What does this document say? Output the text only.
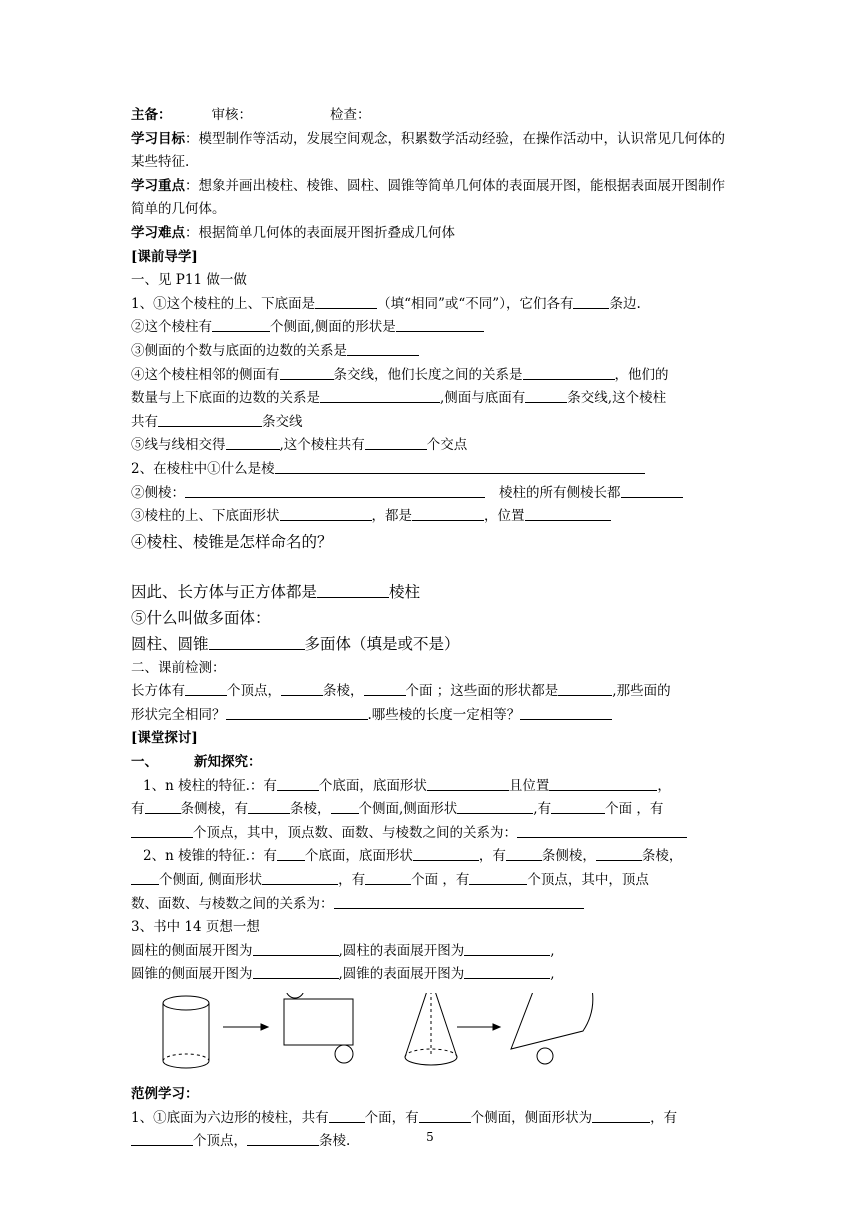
主备：	审核：	检查：
学习目标：模型制作等活动，发展空间观念，积累数学活动经验，在操作活动中，认识常见几何体的某些特征.
学习重点：想象并画出棱柱、棱锥、圆柱、圆锥等简单几何体的表面展开图，能根据表面展开图制作简单的几何体。
学习难点：根据简单几何体的表面展开图折叠成几何体
[课前导学]
一、见 P11 做一做
1、①这个棱柱的上、下底面是	（填“相同”或“不同”），它们各有	条边.
②这个棱柱有	个侧面,侧面的形状是
③侧面的个数与底面的边数的关系是
④这个棱柱相邻的侧面有	条交线，他们长度之间的关系是	，他们的
数量与上下底面的边数的关系是	,侧面与底面有	条交线,这个棱柱
共有	条交线
⑤线与线相交得	,这个棱柱共有	个交点
2、在棱柱中①什么是棱
②侧棱：	棱柱的所有侧棱长都
③棱柱的上、下底面形状	，都是	，位置
④棱柱、棱锥是怎样命名的？
因此、长方体与正方体都是	棱柱
⑤什么叫做多面体：
圆柱、圆锥	多面体（填是或不是）
二、课前检测：
长方体有	个顶点，	条棱，	个面 ；这些面的形状都是	,那些面的
形状完全相同？	.哪些棱的长度一定相等？
[课堂探讨]
一、	新知探究：
1、n 棱柱的特征.：有	个底面，底面形状	且位置	，
有	条侧棱，有	条棱， 个侧面,侧面形状	,有	个面 ，有
个顶点，其中，顶点数、面数、与棱数之间的关系为：
2、n 棱锥的特征.：有 个底面，底面形状	，有	条侧棱，	条棱，
个侧面, 侧面形状	，有	个面 ，有	个顶点，其中，顶点
数、面数、与棱数之间的关系为：
3、书中 14 页想一想
圆柱的侧面展开图为	,圆柱的表面展开图为	,
圆锥的侧面展开图为	,圆锥的表面展开图为	,
范例学习：
1、①底面为六边形的棱柱，共有	个面，有	个侧面，侧面形状为	，有
个顶点，	条棱.	5
